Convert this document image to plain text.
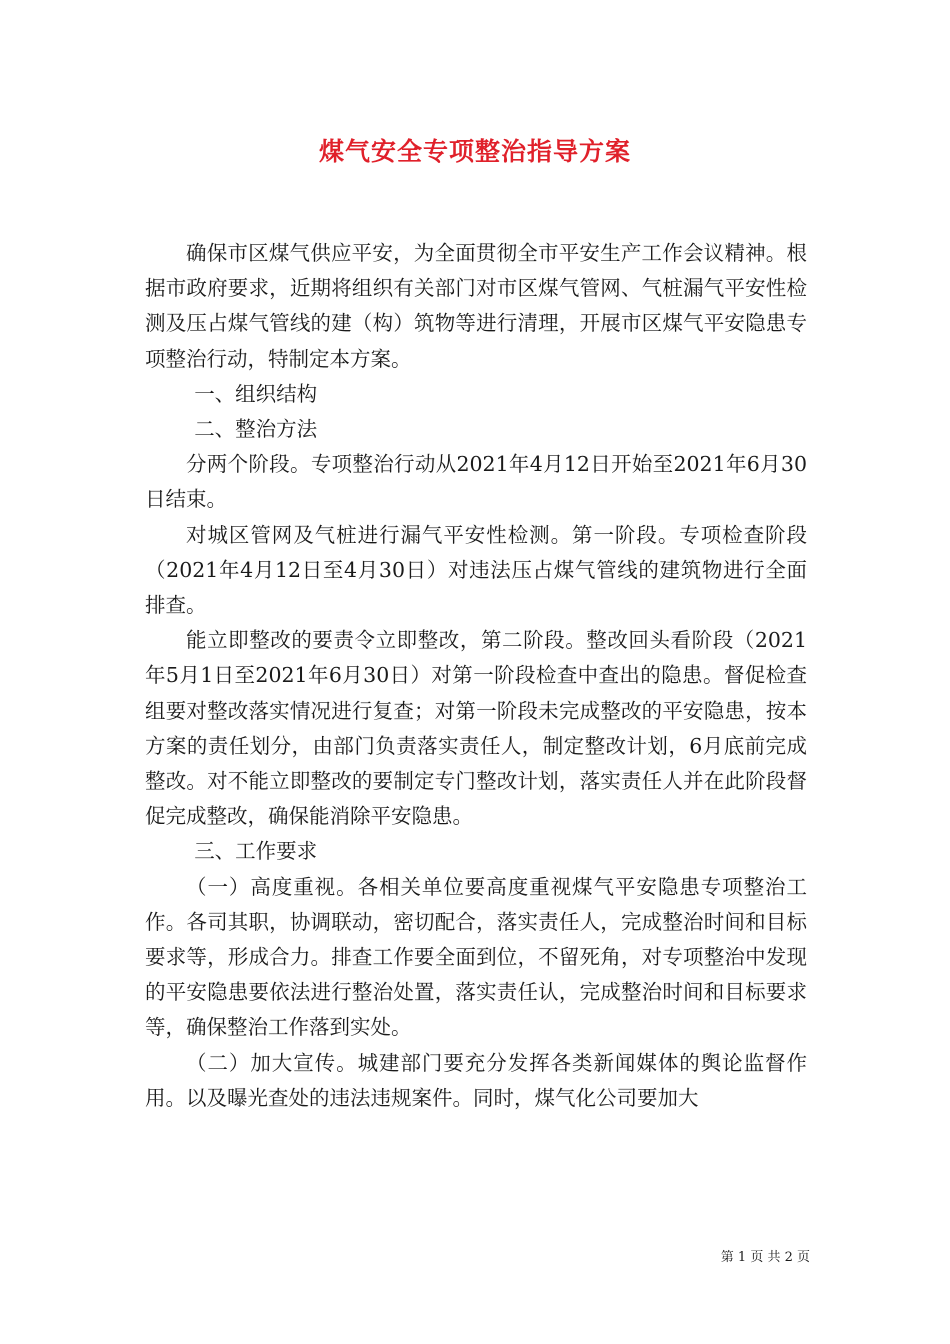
煤气安全专项整治指导方案

确保市区煤气供应平安，为全面贯彻全市平安生产工作会议精神。根据市政府要求，近期将组织有关部门对市区煤气管网、气桩漏气平安性检测及压占煤气管线的建（构）筑物等进行清理，开展市区煤气平安隐患专项整治行动，特制定本方案。

一、组织结构

二、整治方法

分两个阶段。专项整治行动从2021年4月12日开始至2021年6月30日结束。

对城区管网及气桩进行漏气平安性检测。第一阶段。专项检查阶段（2021年4月12日至4月30日）对违法压占煤气管线的建筑物进行全面排查。

能立即整改的要责令立即整改，第二阶段。整改回头看阶段（2021年5月1日至2021年6月30日）对第一阶段检查中查出的隐患。督促检查组要对整改落实情况进行复查；对第一阶段未完成整改的平安隐患，按本方案的责任划分，由部门负责落实责任人，制定整改计划，6月底前完成整改。对不能立即整改的要制定专门整改计划，落实责任人并在此阶段督促完成整改，确保能消除平安隐患。

三、工作要求

（一）高度重视。各相关单位要高度重视煤气平安隐患专项整治工作。各司其职，协调联动，密切配合，落实责任人，完成整治时间和目标要求等，形成合力。排查工作要全面到位，不留死角，对专项整治中发现的平安隐患要依法进行整治处置，落实责任认，完成整治时间和目标要求等，确保整治工作落到实处。

（二）加大宣传。城建部门要充分发挥各类新闻媒体的舆论监督作用。以及曝光查处的违法违规案件。同时，煤气化公司要加大

第 1 页 共 2 页
